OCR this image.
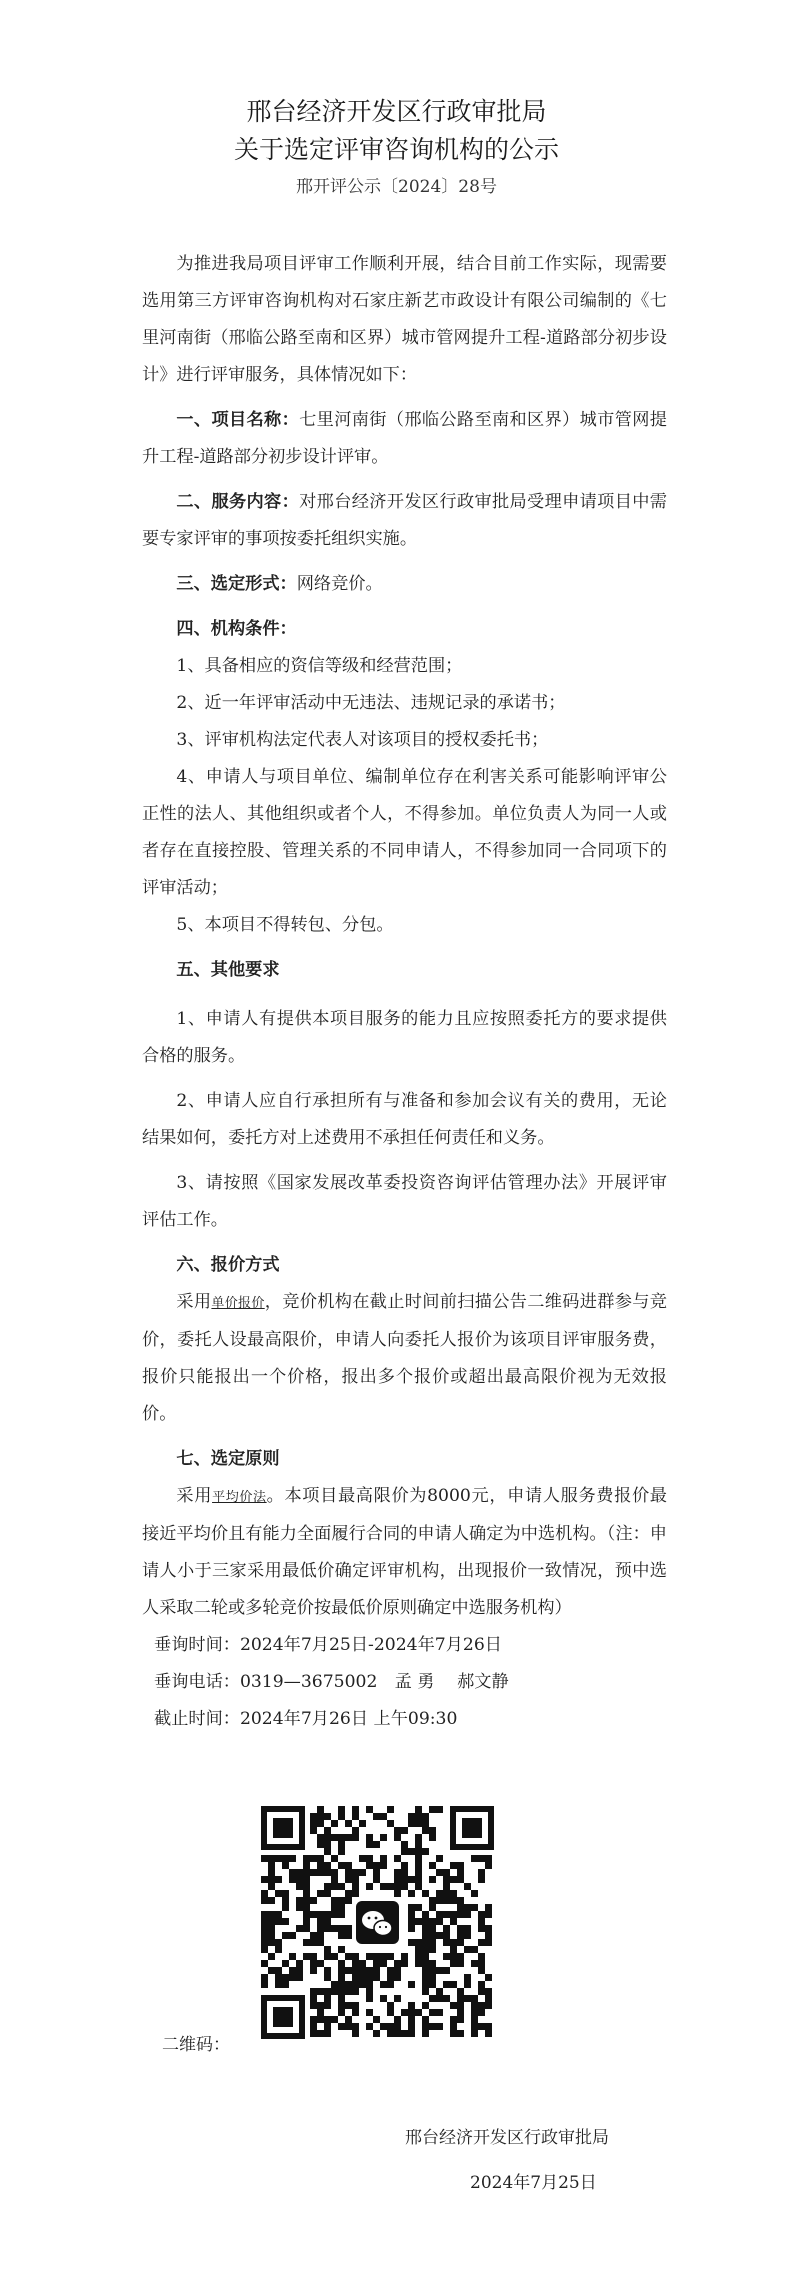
邢台经济开发区行政审批局
关于选定评审咨询机构的公示
邢开评公示〔2024〕28号

为推进我局项目评审工作顺利开展，结合目前工作实际，现需要选用第三方评审咨询机构对石家庄新艺市政设计有限公司编制的《七里河南街（邢临公路至南和区界）城市管网提升工程-道路部分初步设计》进行评审服务，具体情况如下：

一、项目名称：七里河南街（邢临公路至南和区界）城市管网提升工程-道路部分初步设计评审。

二、服务内容：对邢台经济开发区行政审批局受理申请项目中需要专家评审的事项按委托组织实施。

三、选定形式：网络竞价。

四、机构条件：

1、具备相应的资信等级和经营范围；

2、近一年评审活动中无违法、违规记录的承诺书；

3、评审机构法定代表人对该项目的授权委托书；

4、申请人与项目单位、编制单位存在利害关系可能影响评审公正性的法人、其他组织或者个人，不得参加。单位负责人为同一人或者存在直接控股、管理关系的不同申请人，不得参加同一合同项下的评审活动；

5、本项目不得转包、分包。

五、其他要求

1、申请人有提供本项目服务的能力且应按照委托方的要求提供合格的服务。

2、申请人应自行承担所有与准备和参加会议有关的费用，无论结果如何，委托方对上述费用不承担任何责任和义务。

3、请按照《国家发展改革委投资咨询评估管理办法》开展评审评估工作。

六、报价方式

采用单价报价，竞价机构在截止时间前扫描公告二维码进群参与竞价，委托人设最高限价，申请人向委托人报价为该项目评审服务费，报价只能报出一个价格，报出多个报价或超出最高限价视为无效报价。

七、选定原则

采用平均价法。本项目最高限价为8000元，申请人服务费报价最接近平均价且有能力全面履行合同的申请人确定为中选机构。（注：申请人小于三家采用最低价确定评审机构，出现报价一致情况，预中选人采取二轮或多轮竞价按最低价原则确定中选服务机构）

垂询时间：2024年7月25日-2024年7月26日

垂询电话：0319—3675002　孟 勇　 郝文静

截止时间：2024年7月26日 上午09:30

二维码：
邢台经济开发区行政审批局
2024年7月25日
